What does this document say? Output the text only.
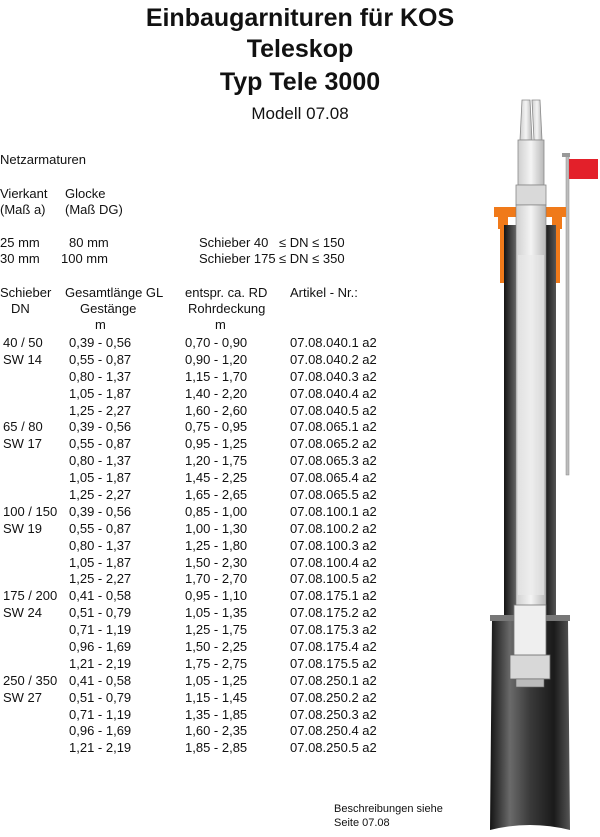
Einbaugarnituren für KOS
Teleskop
Typ Tele 3000
Modell 07.08
Netzarmaturen
Vierkant
(Maß a)
Glocke
(Maß DG)
25 mm 80 mm	Schieber 40 ≤ DN ≤ 150
30 mm 100 mm	Schieber 175 ≤ DN ≤ 350
Schieber
DN
Gesamtlänge GL
Gestänge
m
entspr. ca. RD
Rohrdeckung
m
Artikel - Nr.:
40 / 50 0,39 - 0,56	0,70 - 0,90	07.08.040.1 a2
SW 14 0,55 - 0,87	0,90 - 1,20	07.08.040.2 a2
0,80 - 1,37	1,15 - 1,70	07.08.040.3 a2
1,05 - 1,87	1,40 - 2,20	07.08.040.4 a2
1,25 - 2,27	1,60 - 2,60	07.08.040.5 a2
65 / 80 0,39 - 0,56	0,75 - 0,95	07.08.065.1 a2
SW 17 0,55 - 0,87	0,95 - 1,25	07.08.065.2 a2
0,80 - 1,37	1,20 - 1,75	07.08.065.3 a2
1,05 - 1,87	1,45 - 2,25	07.08.065.4 a2
1,25 - 2,27	1,65 - 2,65	07.08.065.5 a2
100 / 150 0,39 - 0,56	0,85 - 1,00	07.08.100.1 a2
SW 19 0,55 - 0,87	1,00 - 1,30	07.08.100.2 a2
0,80 - 1,37	1,25 - 1,80	07.08.100.3 a2
1,05 - 1,87	1,50 - 2,30	07.08.100.4 a2
1,25 - 2,27	1,70 - 2,70	07.08.100.5 a2
175 / 200 0,41 - 0,58	0,95 - 1,10	07.08.175.1 a2
SW 24 0,51 - 0,79	1,05 - 1,35	07.08.175.2 a2
0,71 - 1,19	1,25 - 1,75	07.08.175.3 a2
0,96 - 1,69	1,50 - 2,25	07.08.175.4 a2
1,21 - 2,19	1,75 - 2,75	07.08.175.5 a2
250 / 350 0,41 - 0,58	1,05 - 1,25	07.08.250.1 a2
SW 27 0,51 - 0,79	1,15 - 1,45	07.08.250.2 a2
0,71 - 1,19	1,35 - 1,85	07.08.250.3 a2
0,96 - 1,69	1,60 - 2,35	07.08.250.4 a2
1,21 - 2,19	1,85 - 2,85	07.08.250.5 a2
Beschreibungen siehe
Seite 07.08
